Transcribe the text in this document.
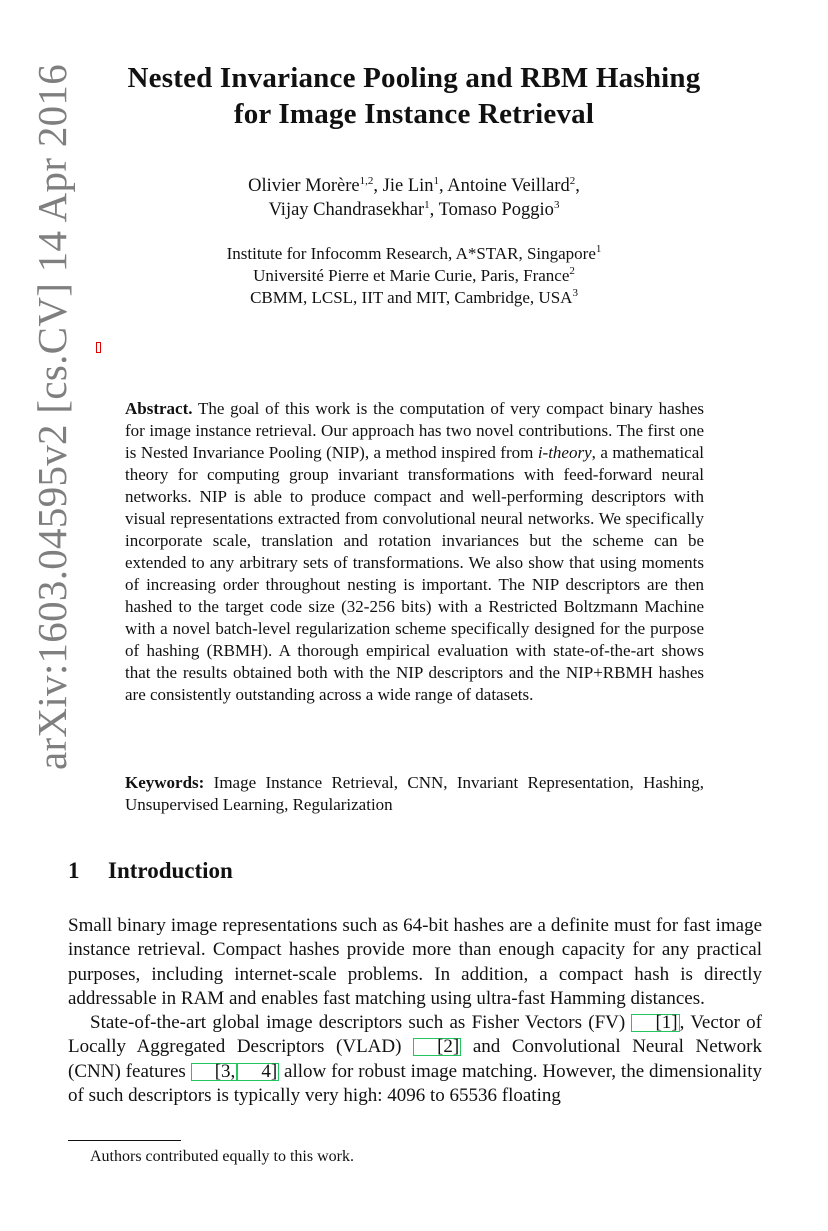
arXiv:1603.04595v2 [cs.CV] 14 Apr 2016	Nested Invariance Pooling and RBM Hashing
for Image Instance Retrieval
Olivier Morère$^{1,2}$, Jie Lin$^1$, Antoine Veillard$^2$,
Vijay Chandrasekhar$^1$, Tomaso Poggio$^3$
Institute for Infocomm Research, A*STAR, Singapore$^1$
Université Pierre et Marie Curie, Paris, France$^2$
CBMM, LCSL, IIT and MIT, Cambridge, USA$^3$
Abstract. The goal of this work is the computation of very compact binary hashes for image instance retrieval. Our approach has two novel contributions. The first one is Nested Invariance Pooling (NIP), a method inspired from i-theory, a mathematical theory for computing group invariant transformations with feed-forward neural networks. NIP is able to produce compact and well-performing descriptors with visual representations extracted from convolutional neural networks. We specifically incorporate scale, translation and rotation invariances but the scheme can be extended to any arbitrary sets of transformations. We also show that using moments of increasing order throughout nesting is important. The NIP descriptors are then hashed to the target code size (32-256 bits) with a Restricted Boltzmann Machine with a novel batch-level regularization scheme specifically designed for the purpose of hashing (RBMH). A thorough empirical evaluation with state-of-the-art shows that the results obtained both with the NIP descriptors and the NIP+RBMH hashes are consistently outstanding across a wide range of datasets.
Keywords: Image Instance Retrieval, CNN, Invariant Representation, Hashing, Unsupervised Learning, Regularization
1 Introduction

Small binary image representations such as 64-bit hashes are a definite must for fast image instance retrieval. Compact hashes provide more than enough capacity for any practical purposes, including internet-scale problems. In addition, a compact hash is directly addressable in RAM and enables fast matching using ultra-fast Hamming distances.

State-of-the-art global image descriptors such as Fisher Vectors (FV) [1] , Vector of Locally Aggregated Descriptors (VLAD) [2] and Convolutional Neural Network (CNN) features [3, 4] allow for robust image matching. However, the dimensionality of such descriptors is typically very high: 4096 to 65536 floating

Authors contributed equally to this work.
